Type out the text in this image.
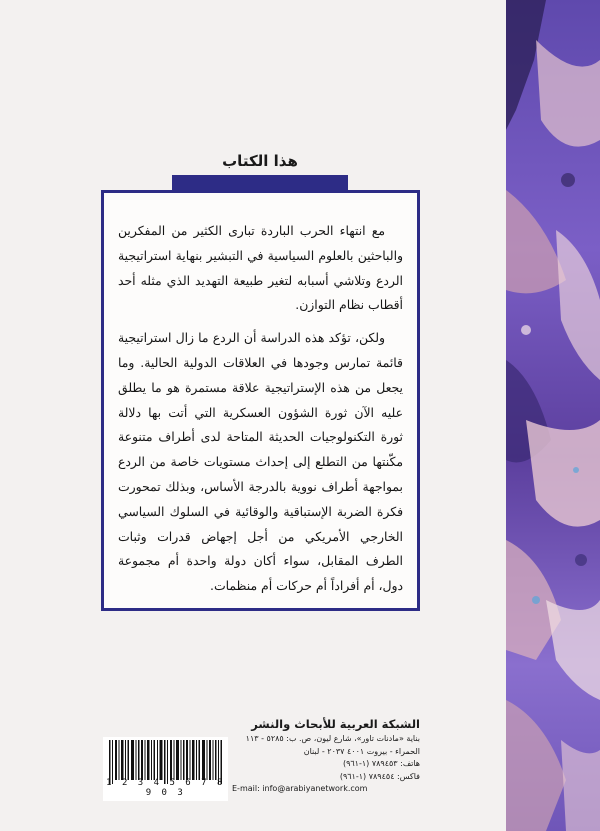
هذا الكتاب

مع انتهاء الحرب الباردة تبارى الكثير من المفكرين والباحثين بالعلوم السياسية في التبشير بنهاية استراتيجية الردع وتلاشي أسبابه لتغير طبيعة التهديد الذي مثله أحد أقطاب نظام التوازن.

ولكن، تؤكد هذه الدراسة أن الردع ما زال استراتيجية قائمة تمارس وجودها في العلاقات الدولية الحالية. وما يجعل من هذه الإستراتيجية علاقة مستمرة هو ما يطلق عليه الآن ثورة الشؤون العسكرية التي أتت بها دلالة ثورة التكنولوجيات الحديثة المتاحة لدى أطراف متنوعة مكّنتها من التطلع إلى إحداث مستويات خاصة من الردع بمواجهة أطراف نووية بالدرجة الأساس، وبذلك تمحورت فكرة الضربة الإستباقية والوقائية في السلوك السياسي الخارجي الأمريكي من أجل إجهاض قدرات وثبات الطرف المقابل، سواء أكان دولة واحدة أم مجموعة دول، أم أفراداً أم حركات أم منظمات.

1 2 3 4 5 6 7 8 9 0 3
الشبكة العربية للأبحاث والنشر
بناية «مادنات تاور»، شارع ليون، ص. ب: ٥٢٨٥ - ١١٣
الحمراء - بيروت ٤٠٠١ ٢٠٣٧ - لبنان
هاتف: ٧٨٩٤٥٣ (١-٩٦١)
فاكس: ٧٨٩٤٥٤ (١-٩٦١)
E-mail: info@arabiyanetwork.com
